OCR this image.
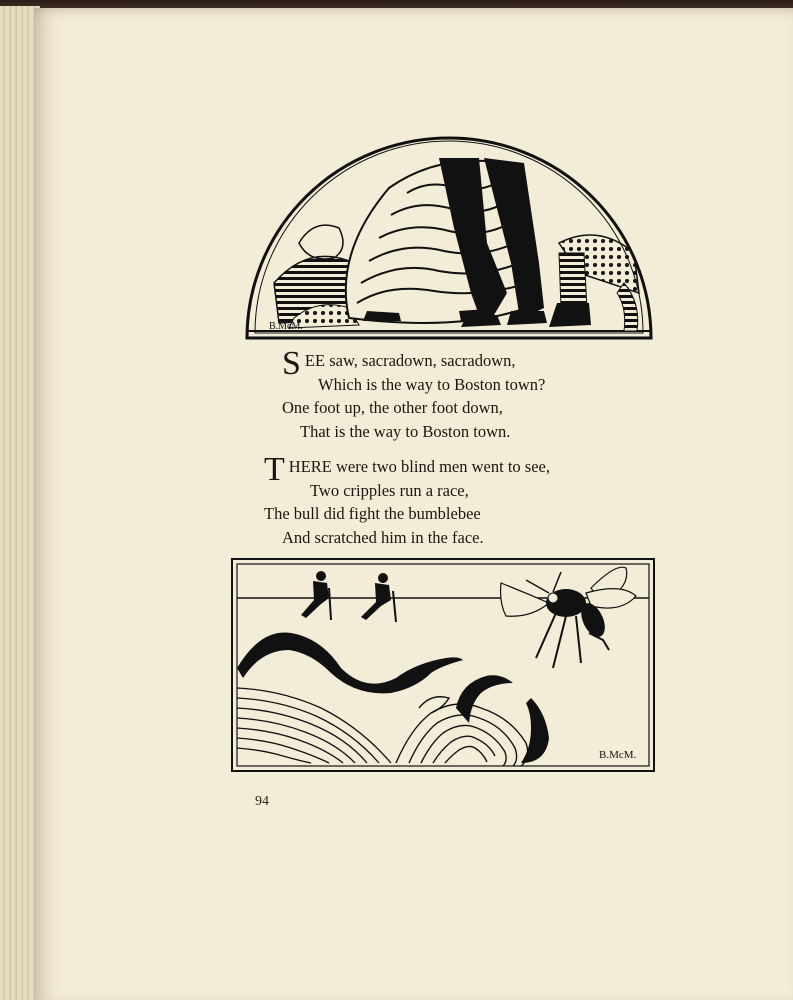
B.McM.
SEE saw, sacradown, sacradown,
Which is the way to Boston town?
One foot up, the other foot down,
That is the way to Boston town.
THERE were two blind men went to see,
Two cripples run a race,
The bull did fight the bumblebee
And scratched him in the face.
B.McM.
94
